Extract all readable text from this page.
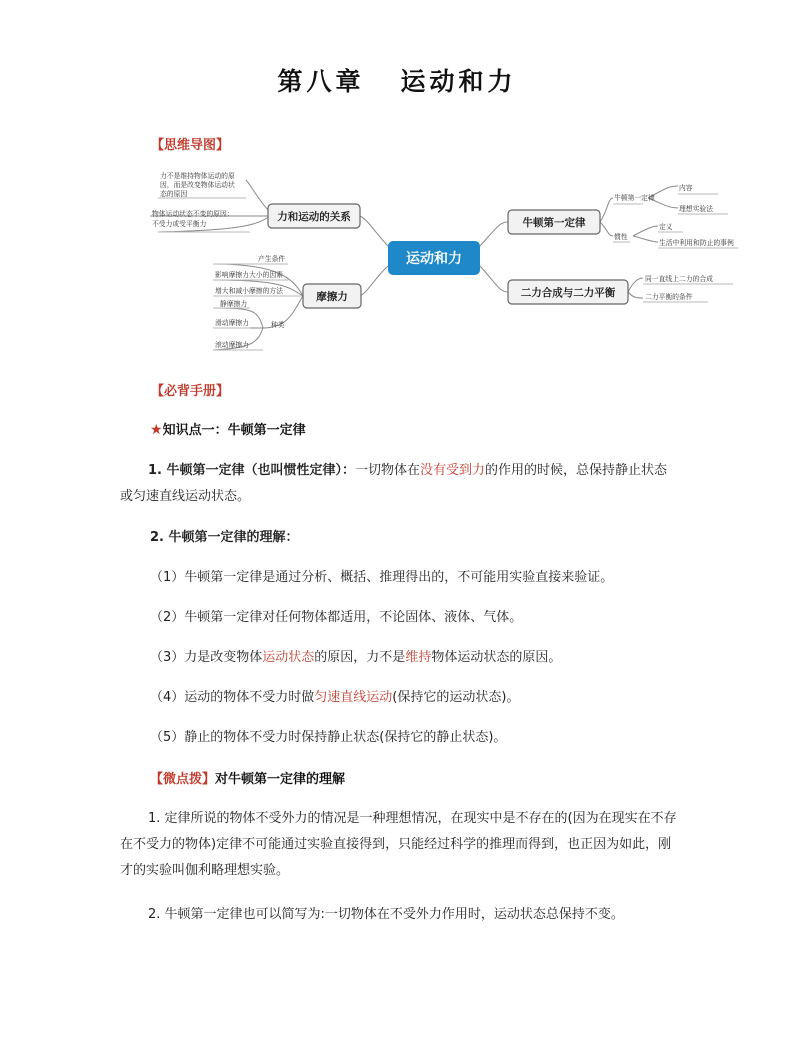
第八章 运动和力
【思维导图】
运动和力
力和运动的关系
摩擦力
牛顿第一定律
二力合成与二力平衡
力不是维持物体运动的原 因，而是改变物体运动状 态的原因 物体运动状态不变的原因： 不受力或受平衡力 产生条件 影响摩擦力大小的因素 增大和减小摩擦的方法 静摩擦力 滑动摩擦力 滚动摩擦力 种类 牛顿第一定律 内容 理想实验法 惯性 定义 生活中利用和防止的事例 同一直线上二力的合成 二力平衡的条件
【必背手册】
★知识点一：牛顿第一定律
1. 牛顿第一定律（也叫惯性定律）：一切物体在没有受到力的作用的时候，总保持静止状态或匀速直线运动状态。
2. 牛顿第一定律的理解：
（1）牛顿第一定律是通过分析、概括、推理得出的，不可能用实验直接来验证。
（2）牛顿第一定律对任何物体都适用，不论固体、液体、气体。
（3）力是改变物体运动状态的原因，力不是维持物体运动状态的原因。
（4）运动的物体不受力时做匀速直线运动(保持它的运动状态)。
（5）静止的物体不受力时保持静止状态(保持它的静止状态)。
【微点拨】对牛顿第一定律的理解
1. 定律所说的物体不受外力的情况是一种理想情况，在现实中是不存在的(因为在现实在不存在不受力的物体)定律不可能通过实验直接得到，只能经过科学的推理而得到，也正因为如此，刚才的实验叫伽利略理想实验。
2. 牛顿第一定律也可以简写为:一切物体在不受外力作用时，运动状态总保持不变。
